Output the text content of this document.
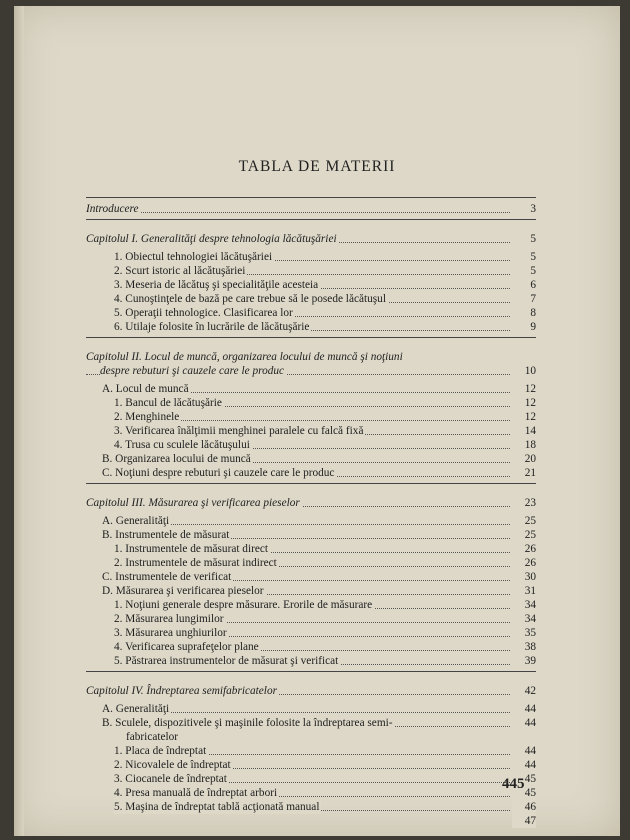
TABLA DE MATERII
Introducere	3
Capitolul I. Generalităţi despre tehnologia lăcătuşăriei	5
1. Obiectul tehnologiei lăcătuşăriei	5
2. Scurt istoric al lăcătuşăriei	5
3. Meseria de lăcătuş şi specialităţile acesteia	6
4. Cunoştinţele de bază pe care trebue să le posede lăcătuşul	7
5. Operaţii tehnologice. Clasificarea lor	8
6. Utilaje folosite în lucrările de lăcătuşărie	9
Capitolul II. Locul de muncă, organizarea locului de muncă şi noţiuni
despre rebuturi şi cauzele care le produc	10
A. Locul de muncă	12
1. Bancul de lăcătuşărie	12
2. Menghinele	12
3. Verificarea înălţimii menghinei paralele cu falcă fixă	14
4. Trusa cu sculele lăcătuşului	18
B. Organizarea locului de muncă	20
C. Noţiuni despre rebuturi şi cauzele care le produc	21
Capitolul III. Măsurarea şi verificarea pieselor	23
A. Generalităţi	25
B. Instrumentele de măsurat	25
1. Instrumentele de măsurat direct	26
2. Instrumentele de măsurat indirect	26
C. Instrumentele de verificat	30
D. Măsurarea şi verificarea pieselor	31
1. Noţiuni generale despre măsurare. Erorile de măsurare	34
2. Măsurarea lungimilor	34
3. Măsurarea unghiurilor	35
4. Verificarea suprafeţelor plane	38
5. Păstrarea instrumentelor de măsurat şi verificat	39
Capitolul IV. Îndreptarea semifabricatelor	42
A. Generalităţi	44
B. Sculele, dispozitivele şi maşinile folosite la îndreptarea semi-	44
fabricatelor
1. Placa de îndreptat	44
2. Nicovalele de îndreptat	44
3. Ciocanele de îndreptat	45
4. Presa manuală de îndreptat arbori	45
5. Maşina de îndreptat tablă acţionată manual	46
47
445
